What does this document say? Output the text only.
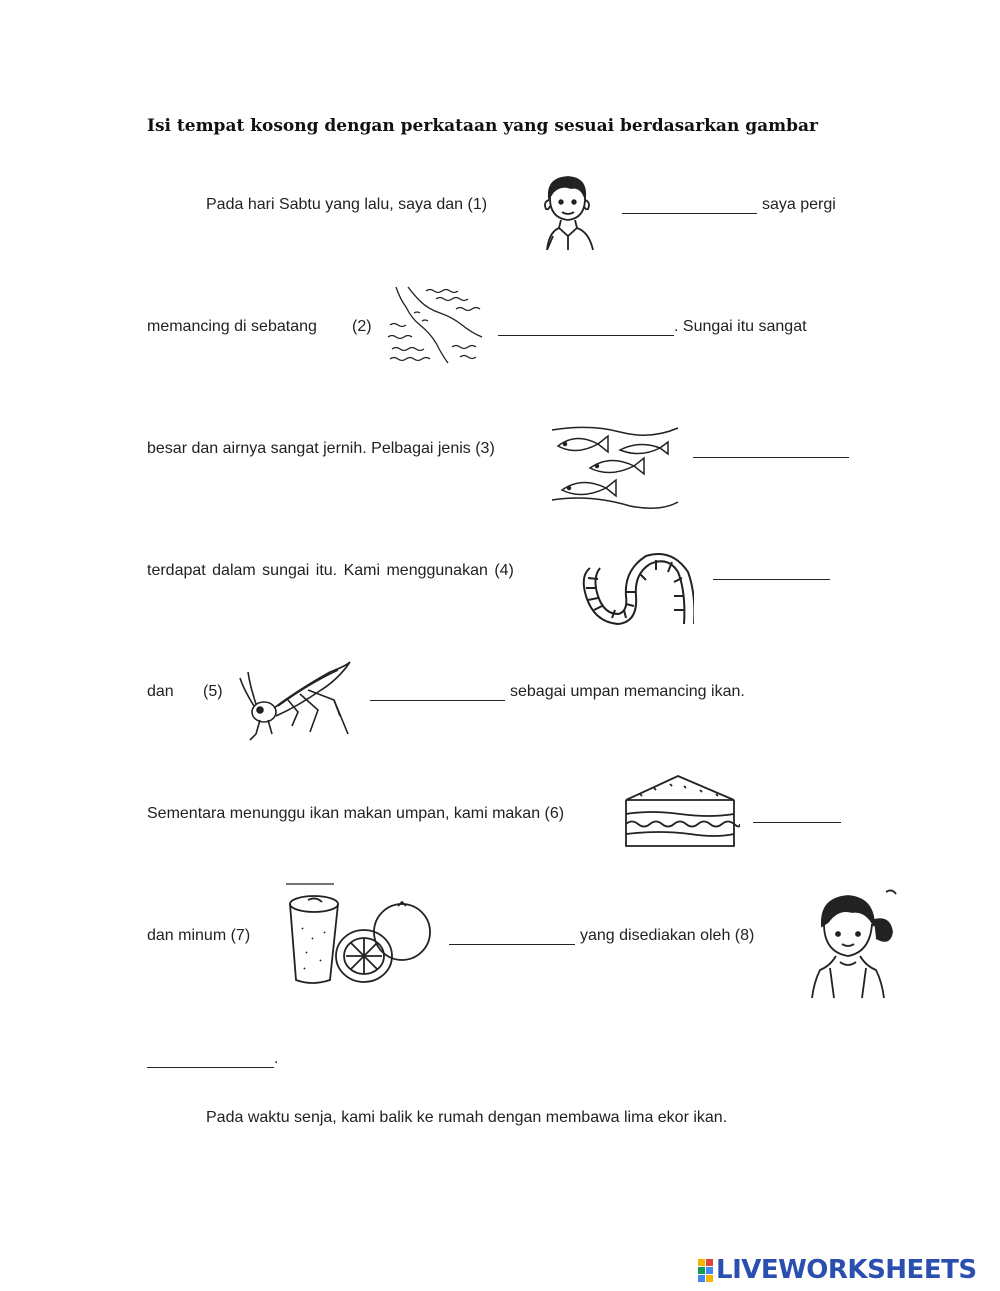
Isi tempat kosong dengan perkataan yang sesuai berdasarkan gambar
Pada hari Sabtu yang lalu, saya dan (1)	saya pergi
memancing di sebatang (2)	. Sungai itu sangat
besar dan airnya sangat jernih. Pelbagai jenis (3)
terdapat dalam sungai itu. Kami menggunakan (4)
dan (5)	sebagai umpan memancing ikan.
Sementara menunggu ikan makan umpan, kami makan (6)
dan minum (7)	yang disediakan oleh (8)
.
Pada waktu senja, kami balik ke rumah dengan membawa lima ekor ikan.
LIVEWORKSHEETS
